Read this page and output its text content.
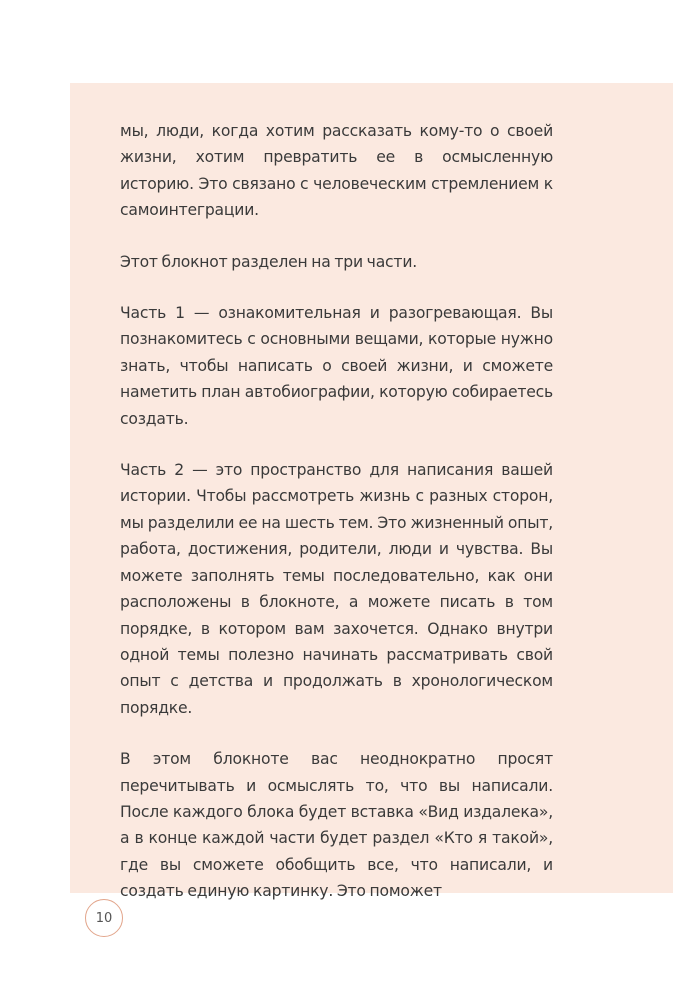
мы, люди, когда хотим рассказать кому-то о своей жизни, хотим превратить ее в осмысленную историю. Это связано с человеческим стремлением к самоинтеграции.

Этот блокнот разделен на три части.

Часть 1 — ознакомительная и разогревающая. Вы познакомитесь с основными вещами, которые нужно знать, чтобы написать о своей жизни, и сможете наметить план автобиографии, которую собираетесь создать.

Часть 2 — это пространство для написания вашей истории. Чтобы рассмотреть жизнь с разных сторон, мы разделили ее на шесть тем. Это жизненный опыт, работа, достижения, родители, люди и чувства. Вы можете заполнять темы последовательно, как они расположены в блокноте, а можете писать в том порядке, в котором вам захочется. Однако внутри одной темы полезно начинать рассматривать свой опыт с детства и продолжать в хронологическом порядке.

В этом блокноте вас неоднократно просят перечитывать и осмыслять то, что вы написали. После каждого блока будет вставка «Вид издалека», а в конце каждой части будет раздел «Кто я такой», где вы сможете обобщить все, что написали, и создать единую картинку. Это поможет

10
